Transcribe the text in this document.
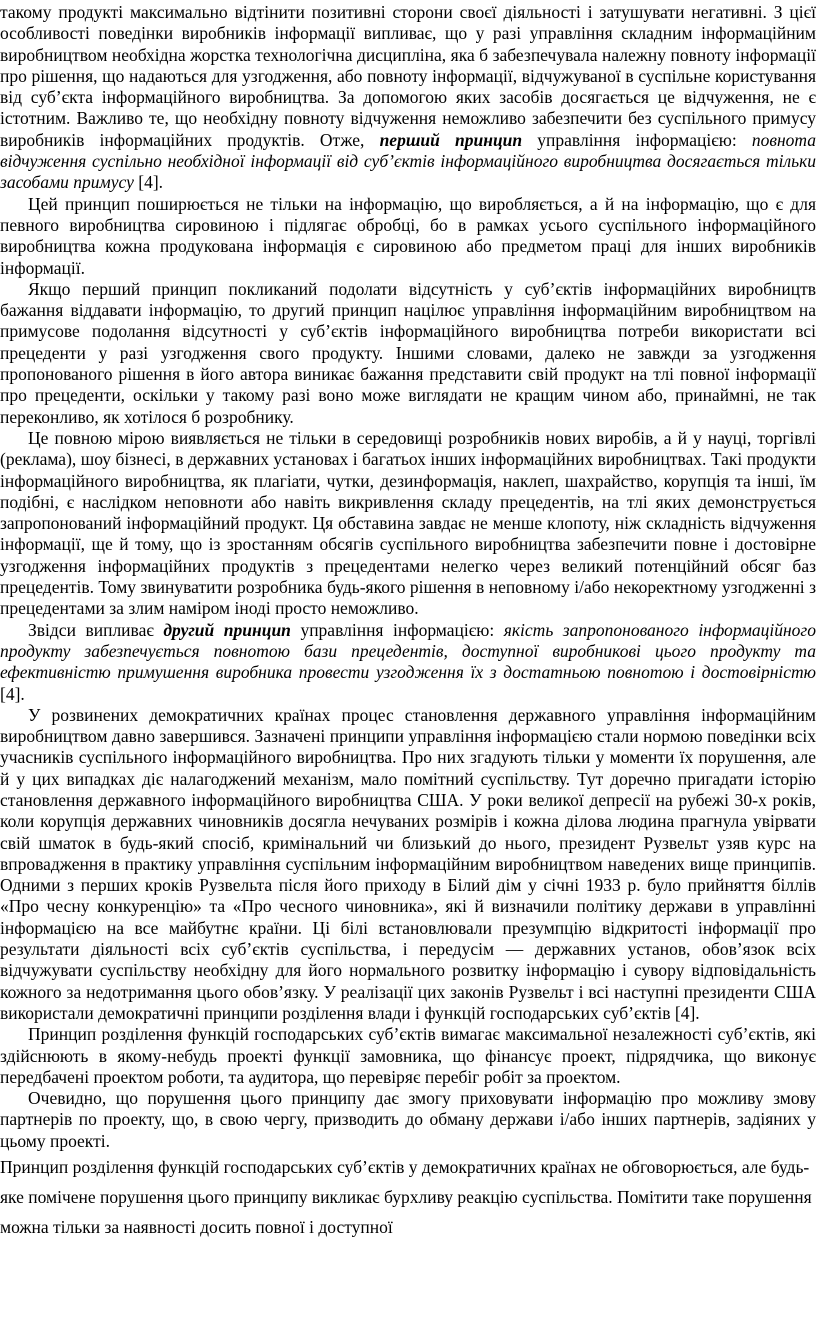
такому продукті максимально відтінити позитивні сторони своєї діяльності і затушувати негативні. З цієї особливості поведінки виробників інформації випливає, що у разі управління складним інформаційним виробництвом необхідна жорстка технологічна дисципліна, яка б забезпечувала належну повноту інформації про рішення, що надаються для узгодження, або повноту інформації, відчужуваної в суспільне користування від суб’єкта інформаційного виробництва. За допомогою яких засобів досягається це відчуження, не є істотним. Важливо те, що необхідну повноту відчуження неможливо забезпечити без суспільного примусу виробників інформаційних продуктів. Отже, перший принцип управління інформацією: повнота відчуження суспільно необхідної інформації від суб’єктів інформаційного виробництва досягається тільки засобами примусу [4].

Цей принцип поширюється не тільки на інформацію, що виробляється, а й на інформацію, що є для певного виробництва сировиною і підлягає обробці, бо в рамках усього суспільного інформаційного виробництва кожна продукована інформація є сировиною або предметом праці для інших виробників інформації.

Якщо перший принцип покликаний подолати відсутність у суб’єктів інформаційних виробництв бажання віддавати інформацію, то другий принцип націлює управління інформаційним виробництвом на примусове подолання відсутності у суб’єктів інформаційного виробництва потреби використати всі прецеденти у разі узгодження свого продукту. Іншими словами, далеко не завжди за узгодження пропонованого рішення в його автора виникає бажання представити свій продукт на тлі повної інформації про прецеденти, оскільки у такому разі воно може виглядати не кращим чином або, принаймні, не так переконливо, як хотілося б розробнику.

Це повною мірою виявляється не тільки в середовищі розробників нових виробів, а й у науці, торгівлі (реклама), шоу бізнесі, в державних установах і багатьох інших інформаційних виробництвах. Такі продукти інформаційного виробництва, як плагіати, чутки, дезинформація, наклеп, шахрайство, корупція та інші, їм подібні, є наслідком неповноти або навіть викривлення складу прецедентів, на тлі яких демонструється запропонований інформаційний продукт. Ця обставина завдає не менше клопоту, ніж складність відчуження інформації, ще й тому, що із зростанням обсягів суспільного виробництва забезпечити повне і достовірне узгодження інформаційних продуктів з прецедентами нелегко через великий потенційний обсяг баз прецедентів. Тому звинуватити розробника будь-якого рішення в неповному і/або некоректному узгодженні з прецедентами за злим наміром іноді просто неможливо.

Звідси випливає другий принцип управління інформацією: якість запропонованого інформаційного продукту забезпечується повнотою бази прецедентів, доступної виробникові цього продукту та ефективністю примушення виробника провести узгодження їх з достатньою повнотою і достовірністю [4].

У розвинених демократичних країнах процес становлення державного управління інформаційним виробництвом давно завершився. Зазначені принципи управління інформацією стали нормою поведінки всіх учасників суспільного інформаційного виробництва. Про них згадують тільки у моменти їх порушення, але й у цих випадках діє налагоджений механізм, мало помітний суспільству. Тут доречно пригадати історію становлення державного інформаційного виробництва США. У роки великої депресії на рубежі 30-х років, коли корупція державних чиновників досягла нечуваних розмірів і кожна ділова людина прагнула увірвати свій шматок в будь-який спосіб, кримінальний чи близький до нього, президент Рузвельт узяв курс на впровадження в практику управління суспільним інформаційним виробництвом наведених вище принципів. Одними з перших кроків Рузвельта після його приходу в Білий дім у січні 1933 р. було прийняття біллів «Про чесну конкуренцію» та «Про чесного чиновника», які й визначили політику держави в управлінні інформацією на все майбутнє країни. Ці білі встановлювали презумпцію відкритості інформації про результати діяльності всіх суб’єктів суспільства, і передусім — державних установ, обов’язок всіх відчужувати суспільству необхідну для його нормального розвитку інформацію і сувору відповідальність кожного за недотримання цього обов’язку. У реалізації цих законів Рузвельт і всі наступні президенти США використали демократичні принципи розділення влади і функцій господарських суб’єктів [4].

Принцип розділення функцій господарських суб’єктів вимагає максимальної незалежності суб’єктів, які здійснюють в якому-небудь проекті функції замовника, що фінансує проект, підрядчика, що виконує передбачені проектом роботи, та аудитора, що перевіряє перебіг робіт за проектом.

Очевидно, що порушення цього принципу дає змогу приховувати інформацію про можливу змову партнерів по проекту, що, в свою чергу, призводить до обману держави і/або інших партнерів, задіяних у цьому проекті.

Принцип розділення функцій господарських суб’єктів у демократичних країнах не обговорюється, але будь-яке помічене порушення цього принципу викликає бурхливу реакцію суспільства. Помітити таке порушення можна тільки за наявності досить повної і доступної
